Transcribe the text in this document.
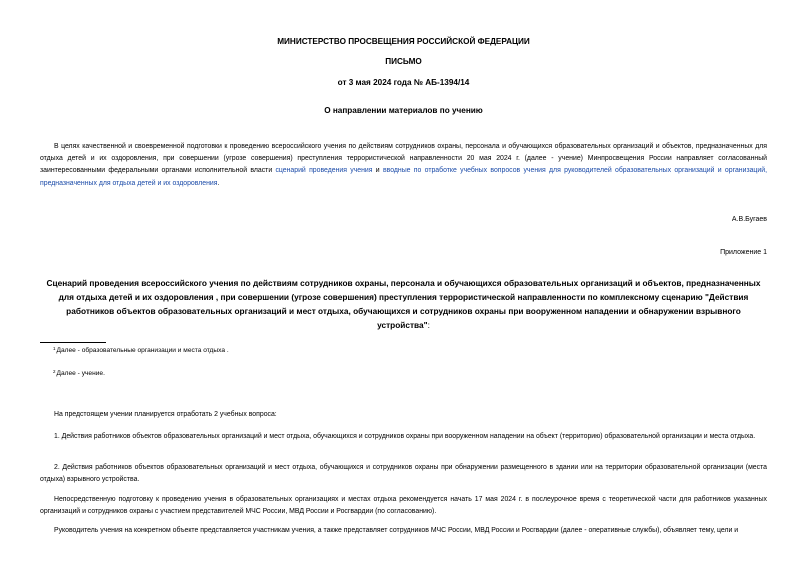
МИНИСТЕРСТВО ПРОСВЕЩЕНИЯ РОССИЙСКОЙ ФЕДЕРАЦИИ
ПИСЬМО
от 3 мая 2024 года № АБ-1394/14
О направлении материалов по учению
В целях качественной и своевременной подготовки к проведению всероссийского учения по действиям сотрудников охраны, персонала и обучающихся образовательных организаций и объектов, предназначенных для отдыха детей и их оздоровления, при совершении (угрозе совершения) преступления террористической направленности 20 мая 2024 г. (далее - учение) Минпросвещения России направляет согласованный заинтересованными федеральными органами исполнительной власти сценарий проведения учения и вводные по отработке учебных вопросов учения для руководителей образовательных организаций и организаций, предназначенных для отдыха детей и их оздоровления.
А.В.Бугаев
Приложение 1
Сценарий проведения всероссийского учения по действиям сотрудников охраны, персонала и обучающихся образовательных организаций и объектов, предназначенных для отдыха детей и их оздоровления , при совершении (угрозе совершения) преступления террористической направленности по комплексному сценарию "Действия работников объектов образовательных организаций и мест отдыха, обучающихся и сотрудников охраны при вооруженном нападении и обнаружении взрывного устройства":
$^1$Далее - образовательные организации и места отдыха .
$^2$Далее - учение.
На предстоящем учении планируется отработать 2 учебных вопроса:
1. Действия работников объектов образовательных организаций и мест отдыха, обучающихся и сотрудников охраны при вооруженном нападении на объект (территорию) образовательной организации и места отдыха.
2. Действия работников объектов образовательных организаций и мест отдыха, обучающихся и сотрудников охраны при обнаружении размещенного в здании или на территории образовательной организации (места отдыха) взрывного устройства.
Непосредственную подготовку к проведению учения в образовательных организациях и местах отдыха рекомендуется начать 17 мая 2024 г. в послеурочное время с теоретической части для работников указанных организаций и сотрудников охраны с участием представителей МЧС России, МВД России и Росгвардии (по согласованию).
Руководитель учения на конкретном объекте представляется участникам учения, а также представляет сотрудников МЧС России, МВД России и Росгвардии (далее - оперативные службы), объявляет тему, цели и
